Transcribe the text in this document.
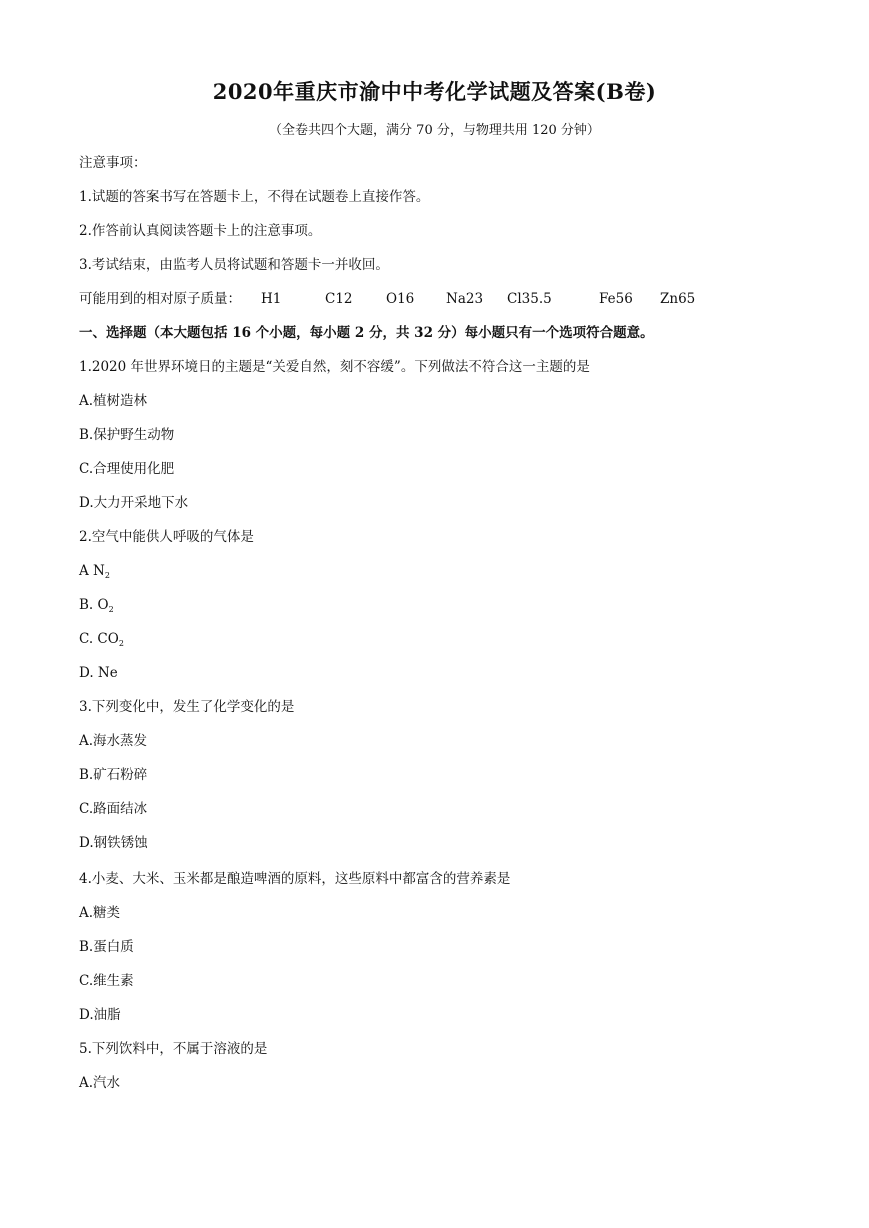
2020年重庆市渝中中考化学试题及答案(B卷)
（全卷共四个大题，满分 70 分，与物理共用 120 分钟）
注意事项：
1.试题的答案书写在答题卡上，不得在试题卷上直接作答。
2.作答前认真阅读答题卡上的注意事项。
3.考试结束，由监考人员将试题和答题卡一并收回。
可能用到的相对原子质量： H1	C12 O16 Na23 Cl35.5	Fe56 Zn65
一、选择题（本大题包括 16 个小题，每小题 2 分，共 32 分）每小题只有一个选项符合题意。
1.2020 年世界环境日的主题是“关爱自然，刻不容缓”。下列做法不符合这一主题的是
A.植树造林
B.保护野生动物
C.合理使用化肥
D.大力开采地下水
2.空气中能供人呼吸的气体是
A $N_2$
B. $O_2$
C. $CO_2$
D. Ne
3.下列变化中，发生了化学变化的是
A.海水蒸发
B.矿石粉碎
C.路面结冰
D.钢铁锈蚀
4.小麦、大米、玉米都是酿造啤酒的原料，这些原料中都富含的营养素是
A.糖类
B.蛋白质
C.维生素
D.油脂
5.下列饮料中，不属于溶液的是
A.汽水
